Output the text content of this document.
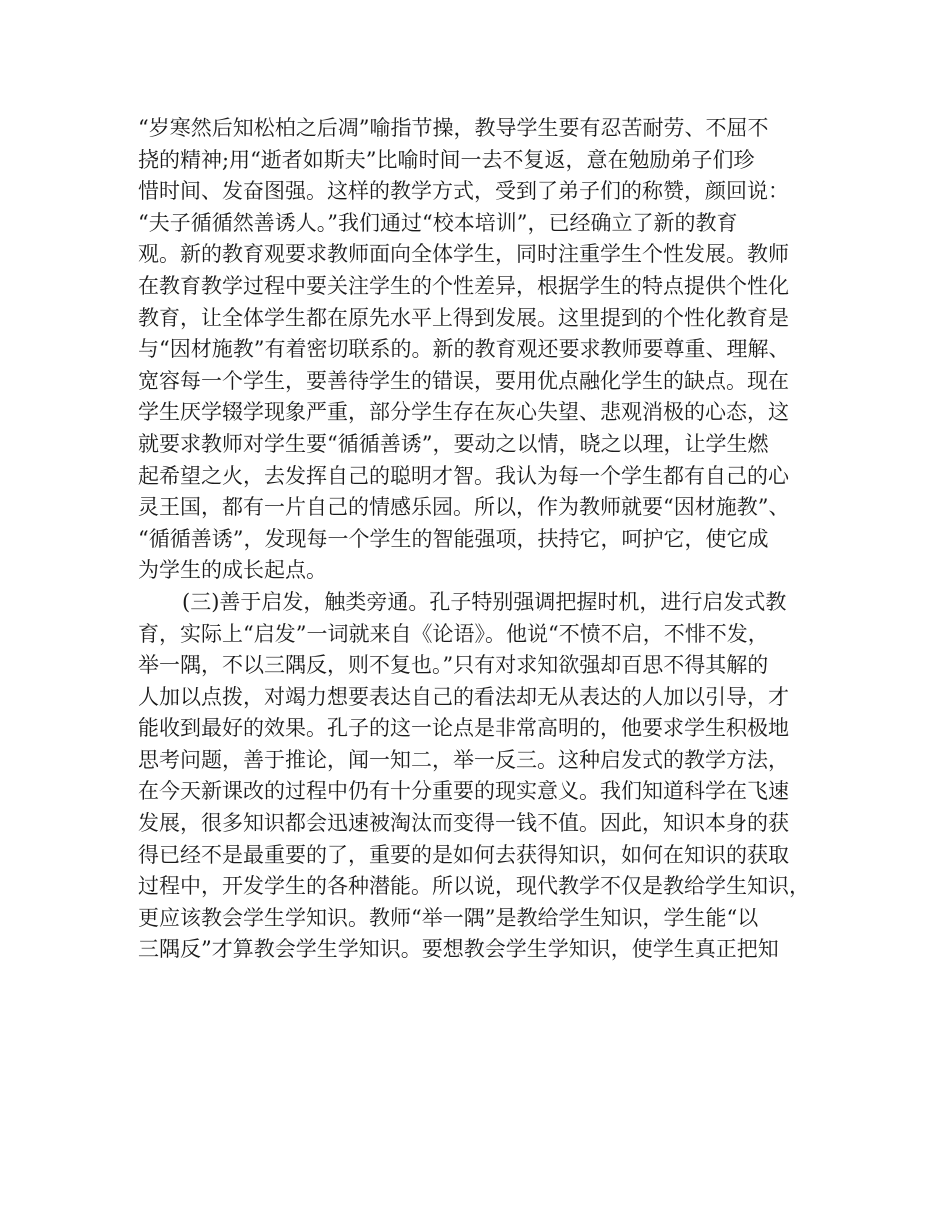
“岁寒然后知松柏之后凋”喻指节操，教导学生要有忍苦耐劳、不屈不
挠的精神;用“逝者如斯夫”比喻时间一去不复返，意在勉励弟子们珍
惜时间、发奋图强。这样的教学方式，受到了弟子们的称赞，颜回说：
“夫子循循然善诱人。”我们通过“校本培训”，已经确立了新的教育
观。新的教育观要求教师面向全体学生，同时注重学生个性发展。教师
在教育教学过程中要关注学生的个性差异，根据学生的特点提供个性化
教育，让全体学生都在原先水平上得到发展。这里提到的个性化教育是
与“因材施教”有着密切联系的。新的教育观还要求教师要尊重、理解、
宽容每一个学生，要善待学生的错误，要用优点融化学生的缺点。现在
学生厌学辍学现象严重，部分学生存在灰心失望、悲观消极的心态，这
就要求教师对学生要“循循善诱”，要动之以情，晓之以理，让学生燃
起希望之火，去发挥自己的聪明才智。我认为每一个学生都有自己的心
灵王国，都有一片自己的情感乐园。所以，作为教师就要“因材施教”、
“循循善诱”，发现每一个学生的智能强项，扶持它，呵护它，使它成
为学生的成长起点。
(三)善于启发，触类旁通。孔子特别强调把握时机，进行启发式教
育，实际上“启发”一词就来自《论语》。他说“不愤不启，不悱不发，
举一隅，不以三隅反，则不复也。”只有对求知欲强却百思不得其解的
人加以点拨，对竭力想要表达自己的看法却无从表达的人加以引导，才
能收到最好的效果。孔子的这一论点是非常高明的，他要求学生积极地
思考问题，善于推论，闻一知二，举一反三。这种启发式的教学方法，
在今天新课改的过程中仍有十分重要的现实意义。我们知道科学在飞速
发展，很多知识都会迅速被淘汰而变得一钱不值。因此，知识本身的获
得已经不是最重要的了，重要的是如何去获得知识，如何在知识的获取
过程中，开发学生的各种潜能。所以说，现代教学不仅是教给学生知识，
更应该教会学生学知识。教师“举一隅”是教给学生知识，学生能“以
三隅反”才算教会学生学知识。要想教会学生学知识，使学生真正把知
